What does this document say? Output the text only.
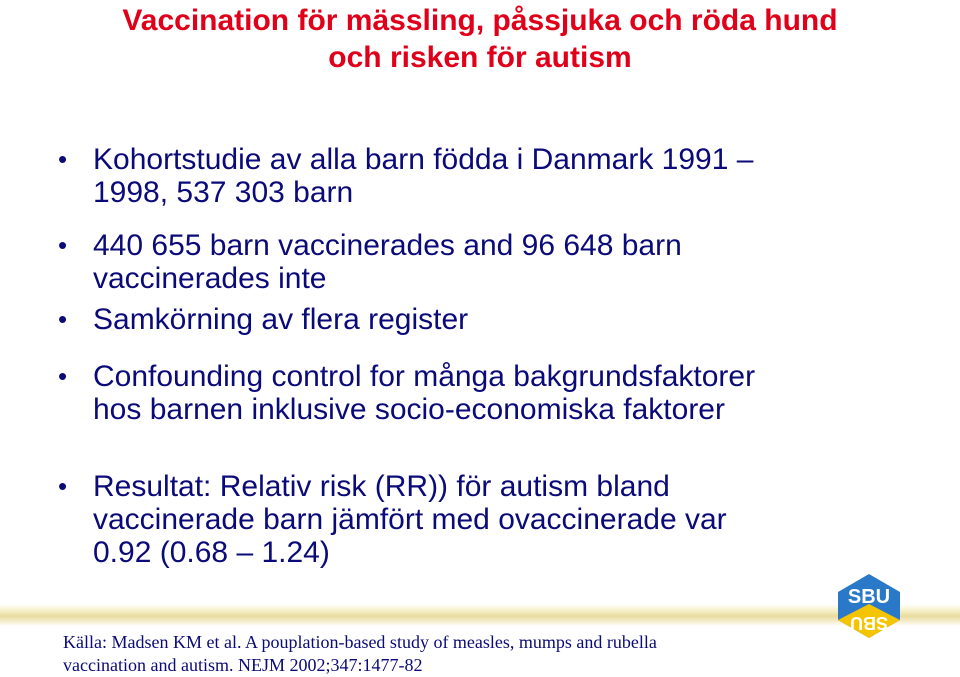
Vaccination för mässling, påssjuka och röda hund
och risken för autism
• Kohortstudie av alla barn födda i Danmark 1991 –
1998, 537 303 barn
• 440 655 barn vaccinerades and 96 648 barn
vaccinerades inte
• Samkörning av flera register
• Confounding control for många bakgrundsfaktorer
hos barnen inklusive socio-economiska faktorer
• Resultat: Relativ risk (RR)) för autism bland
vaccinerade barn jämfört med ovaccinerade var
0.92 (0.68 – 1.24)
Källa: Madsen KM et al. A pouplation-based study of measles, mumps and rubella
vaccination and autism. NEJM 2002;347:1477-82
SBU
SBU
